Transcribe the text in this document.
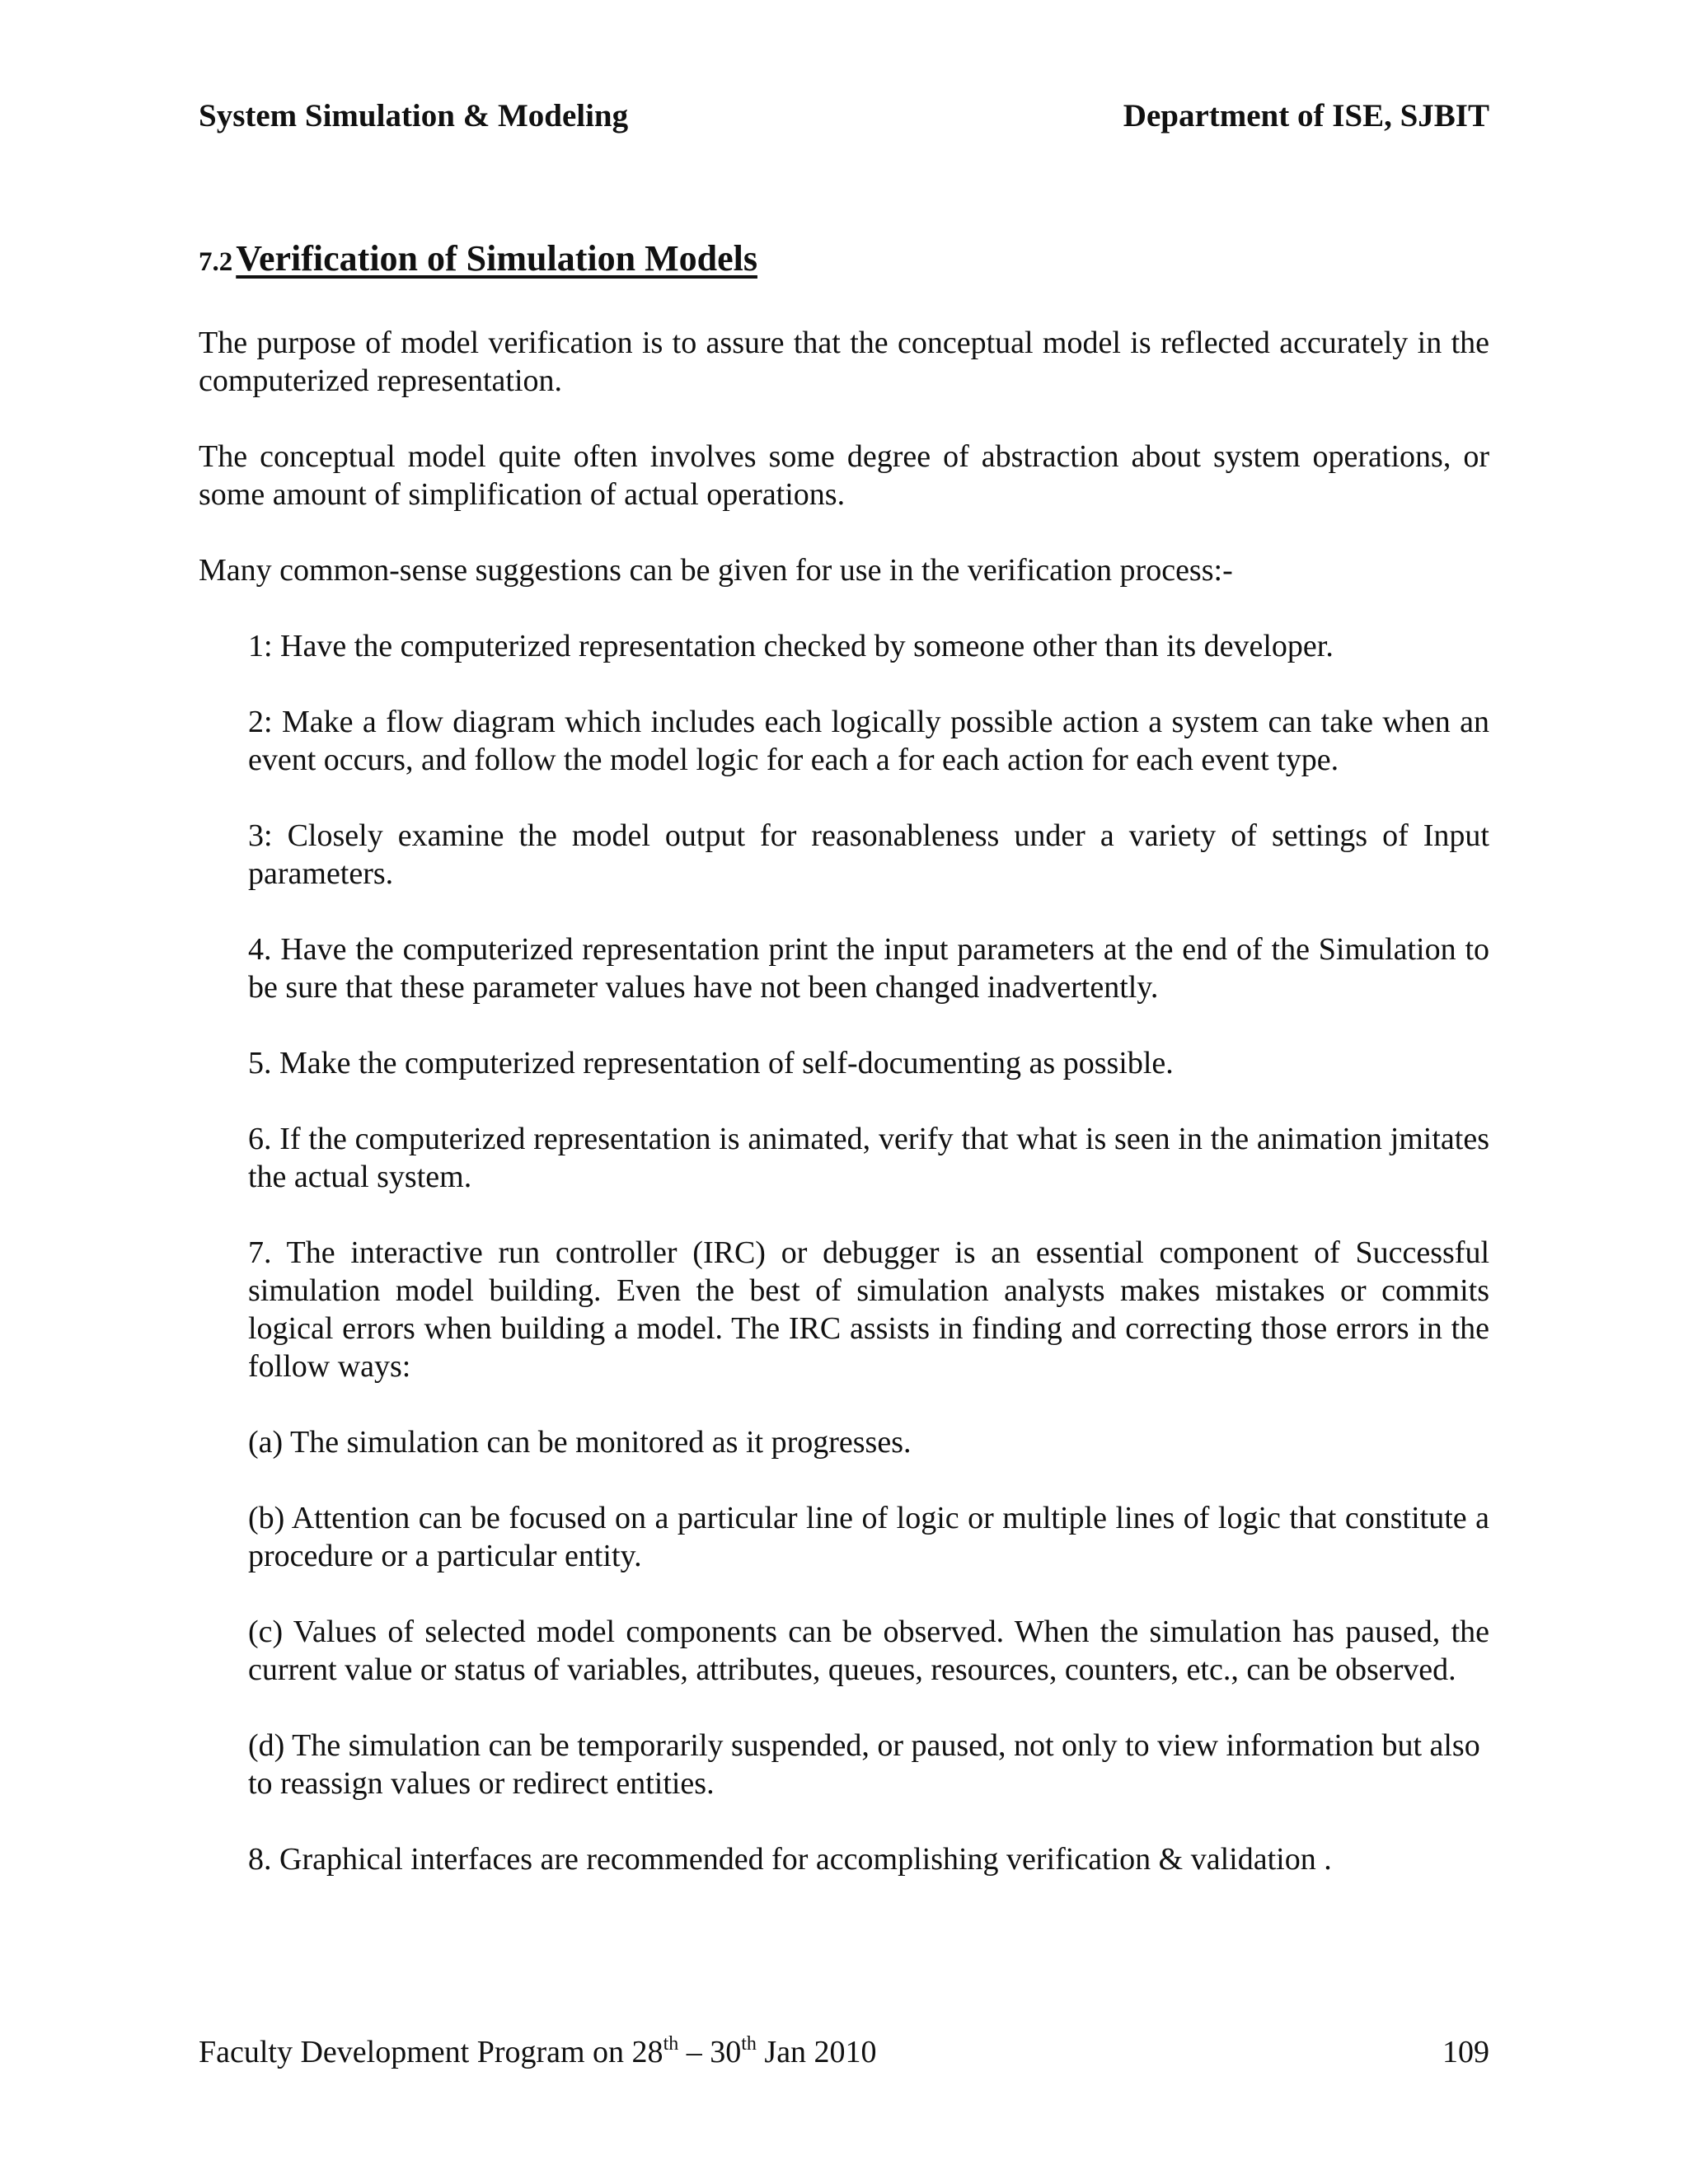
System Simulation & Modeling	Department of ISE, SJBIT
7.2 Verification of Simulation Models

The purpose of model verification is to assure that the conceptual model is reflected accurately in the computerized representation.

The conceptual model quite often involves some degree of abstraction about system operations, or some amount of simplification of actual operations.

Many common-sense suggestions can be given for use in the verification process:-

1: Have the computerized representation checked by someone other than its developer.

2: Make a flow diagram which includes each logically possible action a system can take when an event occurs, and follow the model logic for each a for each action for each event type.

3: Closely examine the model output for reasonableness under a variety of settings of Input parameters.

4. Have the computerized representation print the input parameters at the end of the Simulation to be sure that these parameter values have not been changed inadvertently.

5. Make the computerized representation of self-documenting as possible.

6. If the computerized representation is animated, verify that what is seen in the animation jmitates the actual system.

7. The interactive run controller (IRC) or debugger is an essential component of Successful simulation model building. Even the best of simulation analysts makes mistakes or commits logical errors when building a model. The IRC assists in finding and correcting those errors in the follow ways:

(a) The simulation can be monitored as it progresses.

(b) Attention can be focused on a particular line of logic or multiple lines of logic that constitute a procedure or a particular entity.

(c) Values of selected model components can be observed. When the simulation has paused, the current value or status of variables, attributes, queues, resources, counters, etc., can be observed.

(d) The simulation can be temporarily suspended, or paused, not only to view information but also to reassign values or redirect entities.

8. Graphical interfaces are recommended for accomplishing verification & validation .

Faculty Development Program on 28th – 30th Jan 2010	109
